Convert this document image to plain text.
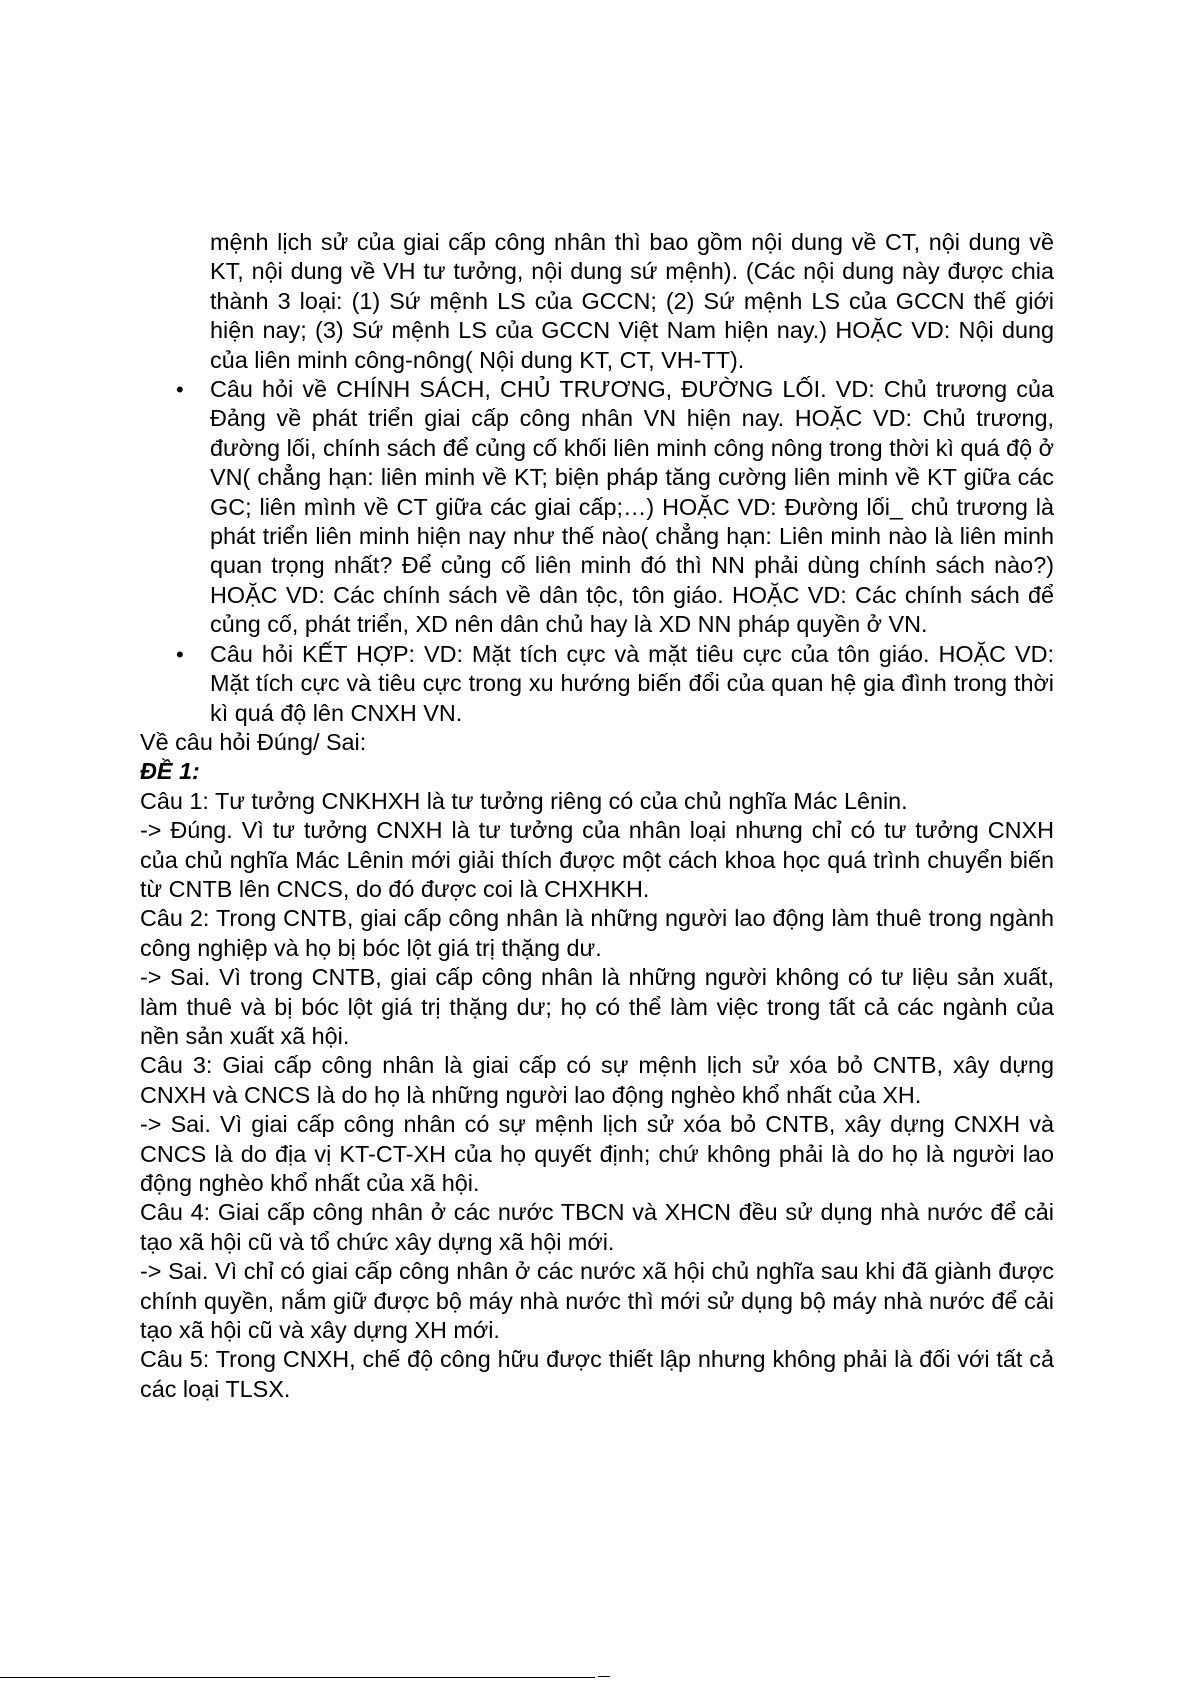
mệnh lịch sử của giai cấp công nhân thì bao gồm nội dung về CT, nội dung về KT, nội dung về VH tư tưởng, nội dung sứ mệnh). (Các nội dung này được chia thành 3 loại: (1) Sứ mệnh LS của GCCN; (2) Sứ mệnh LS của GCCN thế giới hiện nay; (3) Sứ mệnh LS của GCCN Việt Nam hiện nay.) HOẶC VD: Nội dung của liên minh công-nông( Nội dung KT, CT, VH-TT).

• Câu hỏi về CHÍNH SÁCH, CHỦ TRƯƠNG, ĐƯỜNG LỐI. VD: Chủ trương của Đảng về phát triển giai cấp công nhân VN hiện nay. HOẶC VD: Chủ trương, đường lối, chính sách để củng cố khối liên minh công nông trong thời kì quá độ ở VN( chẳng hạn: liên minh về KT; biện pháp tăng cường liên minh về KT giữa các GC; liên mình về CT giữa các giai cấp;…) HOẶC VD: Đường lối_ chủ trương là phát triển liên minh hiện nay như thế nào( chẳng hạn: Liên minh nào là liên minh quan trọng nhất? Để củng cố liên minh đó thì NN phải dùng chính sách nào?) HOẶC VD: Các chính sách về dân tộc, tôn giáo. HOẶC VD: Các chính sách để củng cố, phát triển, XD nên dân chủ hay là XD NN pháp quyền ở VN.
• Câu hỏi KẾT HỢP: VD: Mặt tích cực và mặt tiêu cực của tôn giáo. HOẶC VD: Mặt tích cực và tiêu cực trong xu hướng biến đổi của quan hệ gia đình trong thời kì quá độ lên CNXH VN.

Về câu hỏi Đúng/ Sai:

ĐỀ 1:

Câu 1: Tư tưởng CNKHXH là tư tưởng riêng có của chủ nghĩa Mác Lênin.

-> Đúng. Vì tư tưởng CNXH là tư tưởng của nhân loại nhưng chỉ có tư tưởng CNXH của chủ nghĩa Mác Lênin mới giải thích được một cách khoa học quá trình chuyển biến từ CNTB lên CNCS, do đó được coi là CHXHKH.

Câu 2: Trong CNTB, giai cấp công nhân là những người lao động làm thuê trong ngành công nghiệp và họ bị bóc lột giá trị thặng dư.

-> Sai. Vì trong CNTB, giai cấp công nhân là những người không có tư liệu sản xuất, làm thuê và bị bóc lột giá trị thặng dư; họ có thể làm việc trong tất cả các ngành của nền sản xuất xã hội.

Câu 3: Giai cấp công nhân là giai cấp có sự mệnh lịch sử xóa bỏ CNTB, xây dựng CNXH và CNCS là do họ là những người lao động nghèo khổ nhất của XH.

-> Sai. Vì giai cấp công nhân có sự mệnh lịch sử xóa bỏ CNTB, xây dựng CNXH và CNCS là do địa vị KT-CT-XH của họ quyết định; chứ không phải là do họ là người lao động nghèo khổ nhất của xã hội.

Câu 4: Giai cấp công nhân ở các nước TBCN và XHCN đều sử dụng nhà nước để cải tạo xã hội cũ và tổ chức xây dựng xã hội mới.

-> Sai. Vì chỉ có giai cấp công nhân ở các nước xã hội chủ nghĩa sau khi đã giành được chính quyền, nắm giữ được bộ máy nhà nước thì mới sử dụng bộ máy nhà nước để cải tạo xã hội cũ và xây dựng XH mới.

Câu 5: Trong CNXH, chế độ công hữu được thiết lập nhưng không phải là đối với tất cả các loại TLSX.
